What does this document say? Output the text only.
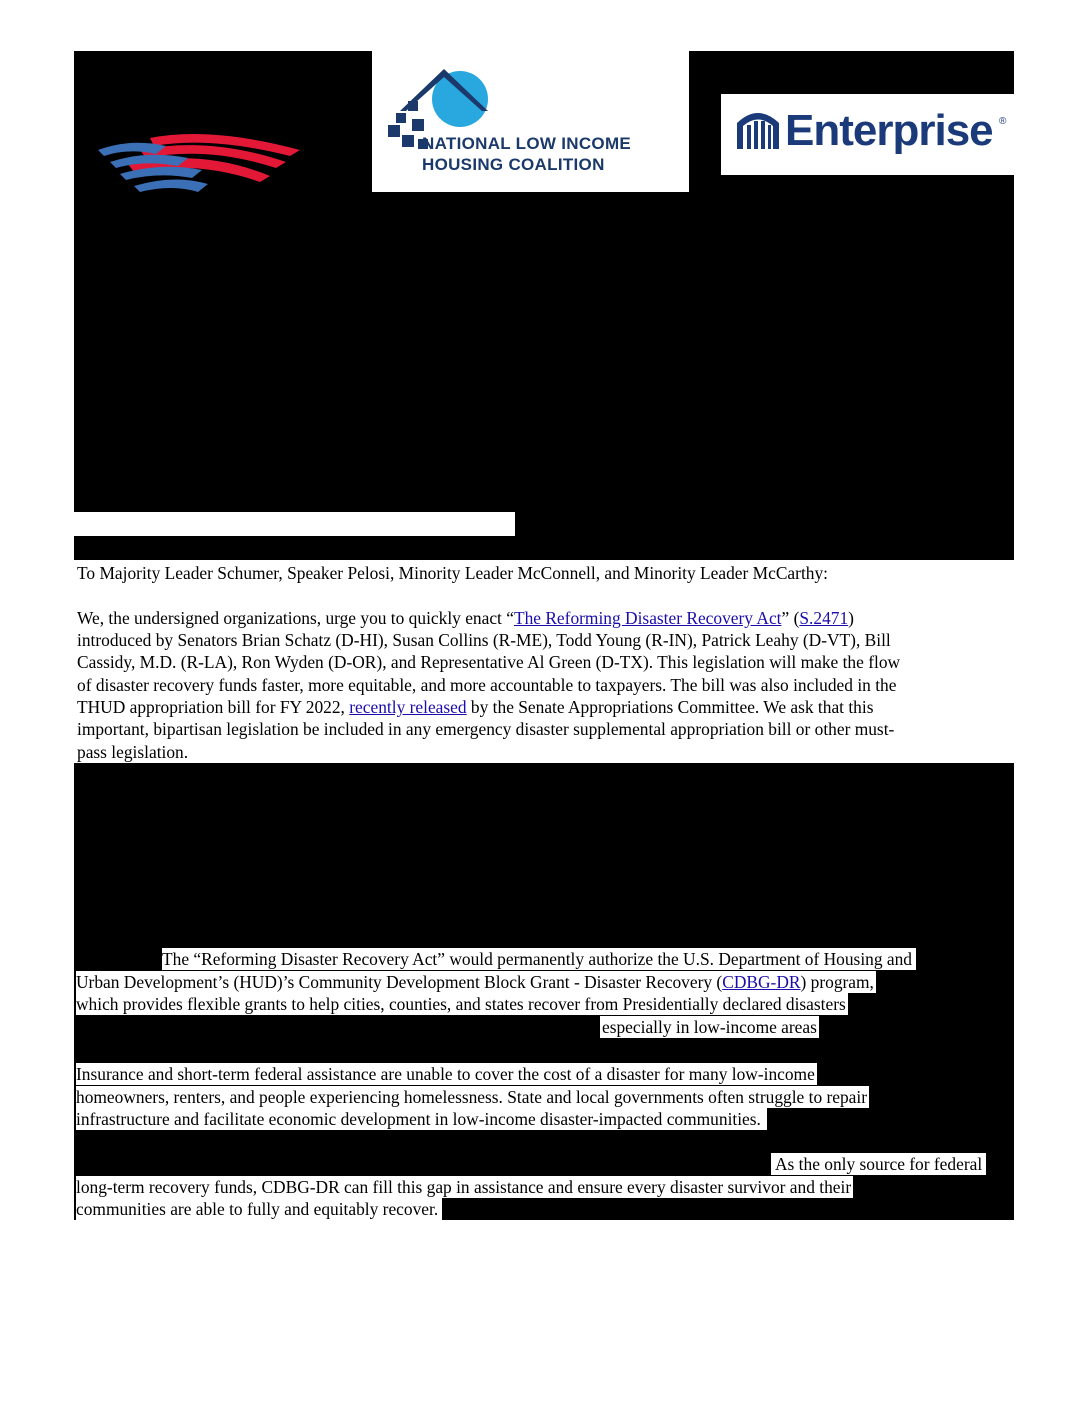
NATIONAL LOW INCOME
HOUSING COALITION
Enterprise ®
To Majority Leader Schumer, Speaker Pelosi, Minority Leader McConnell, and Minority Leader McCarthy:
We, the undersigned organizations, urge you to quickly enact “The Reforming Disaster Recovery Act” (S.2471)
introduced by Senators Brian Schatz (D-HI), Susan Collins (R-ME), Todd Young (R-IN), Patrick Leahy (D-VT), Bill
Cassidy, M.D. (R-LA), Ron Wyden (D-OR), and Representative Al Green (D-TX). This legislation will make the flow
of disaster recovery funds faster, more equitable, and more accountable to taxpayers. The bill was also included in the
THUD appropriation bill for FY 2022, recently released by the Senate Appropriations Committee. We ask that this
important, bipartisan legislation be included in any emergency disaster supplemental appropriation bill or other must-
pass legislation.
The “Reforming Disaster Recovery Act” would permanently authorize the U.S. Department of Housing and
Urban Development’s (HUD)’s Community Development Block Grant - Disaster Recovery (CDBG-DR) program,
which provides flexible grants to help cities, counties, and states recover from Presidentially declared disasters
especially in low-income areas
Insurance and short-term federal assistance are unable to cover the cost of a disaster for many low-income
homeowners, renters, and people experiencing homelessness. State and local governments often struggle to repair
infrastructure and facilitate economic development in low-income disaster-impacted communities.
As the only source for federal
long-term recovery funds, CDBG-DR can fill this gap in assistance and ensure every disaster survivor and their
communities are able to fully and equitably recover.
